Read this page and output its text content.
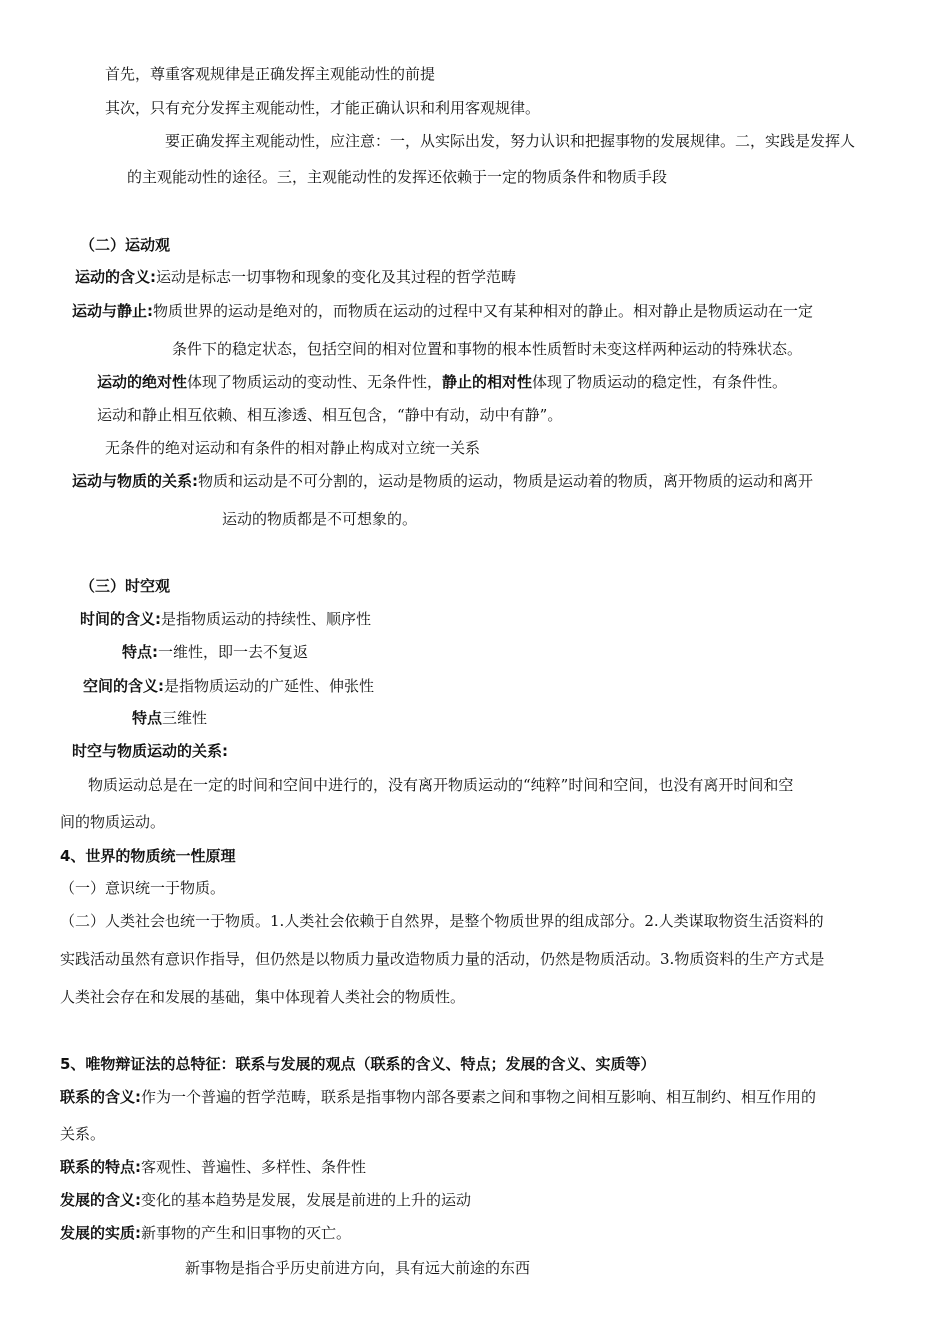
首先，尊重客观规律是正确发挥主观能动性的前提
其次，只有充分发挥主观能动性，才能正确认识和利用客观规律。
要正确发挥主观能动性，应注意：一，从实际出发，努力认识和把握事物的发展规律。二，实践是发挥人
的主观能动性的途径。三，主观能动性的发挥还依赖于一定的物质条件和物质手段
（二）运动观
运动的含义:运动是标志一切事物和现象的变化及其过程的哲学范畴
运动与静止:物质世界的运动是绝对的，而物质在运动的过程中又有某种相对的静止。相对静止是物质运动在一定
条件下的稳定状态，包括空间的相对位置和事物的根本性质暂时未变这样两种运动的特殊状态。
运动的绝对性体现了物质运动的变动性、无条件性，静止的相对性体现了物质运动的稳定性，有条件性。
运动和静止相互依赖、相互渗透、相互包含，“静中有动，动中有静”。
无条件的绝对运动和有条件的相对静止构成对立统一关系
运动与物质的关系:物质和运动是不可分割的，运动是物质的运动，物质是运动着的物质，离开物质的运动和离开
运动的物质都是不可想象的。
（三）时空观
时间的含义:是指物质运动的持续性、顺序性
特点:一维性，即一去不复返
空间的含义:是指物质运动的广延性、伸张性
特点三维性
时空与物质运动的关系:
物质运动总是在一定的时间和空间中进行的，没有离开物质运动的“纯粹”时间和空间，也没有离开时间和空
间的物质运动。
4、世界的物质统一性原理
（一）意识统一于物质。
（二）人类社会也统一于物质。1.人类社会依赖于自然界，是整个物质世界的组成部分。2.人类谋取物资生活资料的
实践活动虽然有意识作指导，但仍然是以物质力量改造物质力量的活动，仍然是物质活动。3.物质资料的生产方式是
人类社会存在和发展的基础，集中体现着人类社会的物质性。
5、唯物辩证法的总特征：联系与发展的观点（联系的含义、特点；发展的含义、实质等）
联系的含义:作为一个普遍的哲学范畴，联系是指事物内部各要素之间和事物之间相互影响、相互制约、相互作用的
关系。
联系的特点:客观性、普遍性、多样性、条件性
发展的含义:变化的基本趋势是发展，发展是前进的上升的运动
发展的实质:新事物的产生和旧事物的灭亡。
新事物是指合乎历史前进方向，具有远大前途的东西
